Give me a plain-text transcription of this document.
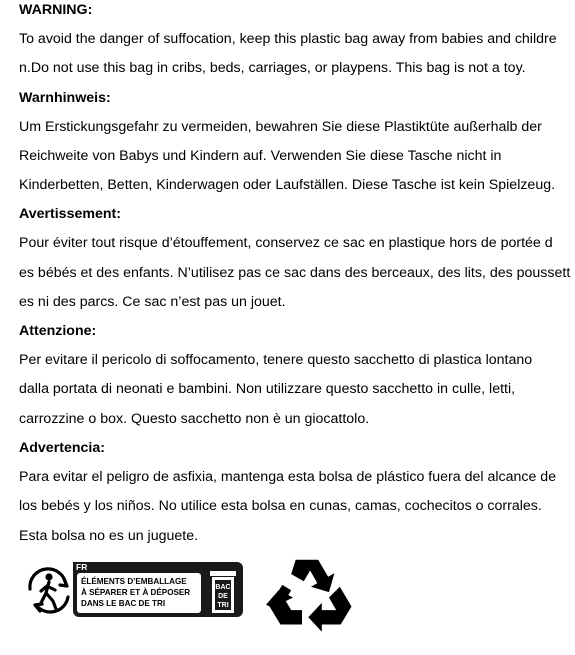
WARNING:
To avoid the danger of suffocation, keep this plastic bag away from babies and childre
n.Do not use this bag in cribs, beds, carriages, or playpens. This bag is not a toy.
Warnhinweis:
Um Erstickungsgefahr zu vermeiden, bewahren Sie diese Plastiktüte außerhalb der
Reichweite von Babys und Kindern auf. Verwenden Sie diese Tasche nicht in
Kinderbetten, Betten, Kinderwagen oder Laufställen. Diese Tasche ist kein Spielzeug.
Avertissement:
Pour éviter tout risque d’étouffement, conservez ce sac en plastique hors de portée d
es bébés et des enfants. N’utilisez pas ce sac dans des berceaux, des lits, des poussett
es ni des parcs. Ce sac n’est pas un jouet.
Attenzione:
Per evitare il pericolo di soffocamento, tenere questo sacchetto di plastica lontano
dalla portata di neonati e bambini. Non utilizzare questo sacchetto in culle, letti,
carrozzine o box. Questo sacchetto non è un giocattolo.
Advertencia:
Para evitar el peligro de asfixia, mantenga esta bolsa de plástico fuera del alcance de
los bebés y los niños. No utilice esta bolsa en cunas, camas, cochecitos o corrales.
Esta bolsa no es un juguete.
FR
ÉLÉMENTS D’EMBALLAGE
À SÉPARER ET À DÉPOSER
DANS LE BAC DE TRI
BAC
DE
TRI
